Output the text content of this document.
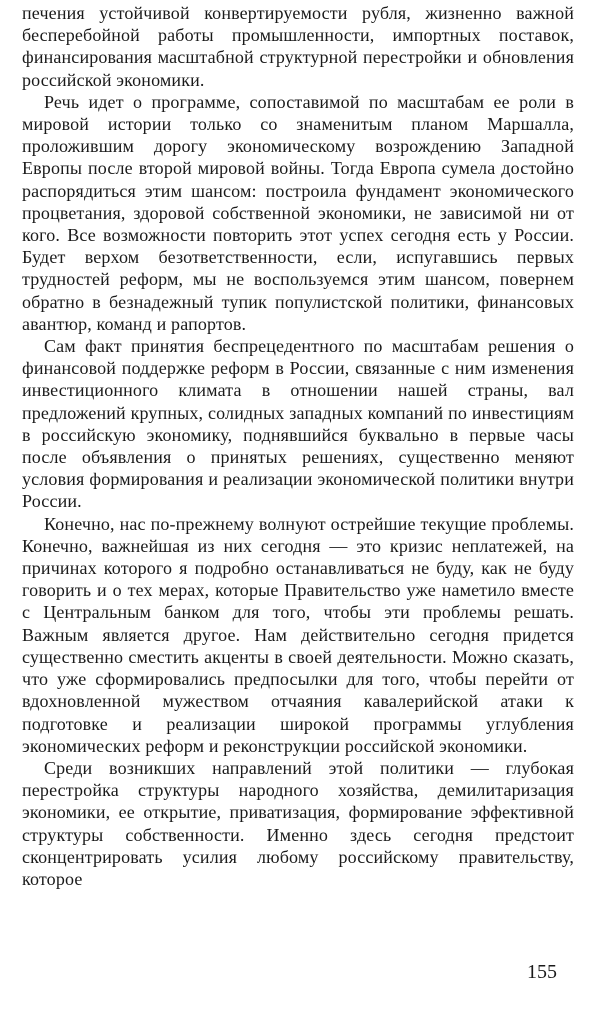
печения устойчивой конвертируемости рубля, жизненно важной бесперебойной работы промышленности, импортных поставок, финансирования масштабной структурной перестройки и обновления российской экономики.

Речь идет о программе, сопоставимой по масштабам ее роли в мировой истории только со знаменитым планом Маршалла, проложившим дорогу экономическому возрождению Западной Европы после второй мировой войны. Тогда Европа сумела достойно распорядиться этим шансом: построила фундамент экономического процветания, здоровой собственной экономики, не зависимой ни от кого. Все возможности повторить этот успех сегодня есть у России. Будет верхом безответственности, если, испугавшись первых трудностей реформ, мы не воспользуемся этим шансом, повернем обратно в безнадежный тупик популистской политики, финансовых авантюр, команд и рапортов.

Сам факт принятия беспрецедентного по масштабам решения о финансовой поддержке реформ в России, связанные с ним изменения инвестиционного климата в отношении нашей страны, вал предложений крупных, солидных западных компаний по инвестициям в российскую экономику, поднявшийся буквально в первые часы после объявления о принятых решениях, существенно меняют условия формирования и реализации экономической политики внутри России.

Конечно, нас по-прежнему волнуют острейшие текущие проблемы. Конечно, важнейшая из них сегодня — это кризис неплатежей, на причинах которого я подробно останавливаться не буду, как не буду говорить и о тех мерах, которые Правительство уже наметило вместе с Центральным банком для того, чтобы эти проблемы решать. Важным является другое. Нам действительно сегодня придется существенно сместить акценты в своей деятельности. Можно сказать, что уже сформировались предпосылки для того, чтобы перейти от вдохновленной мужеством отчаяния кавалерийской атаки к подготовке и реализации широкой программы углубления экономических реформ и реконструкции российской экономики.

Среди возникших направлений этой политики — глубокая перестройка структуры народного хозяйства, демилитаризация экономики, ее открытие, приватизация, формирование эффективной структуры собственности. Именно здесь сегодня предстоит сконцентрировать усилия любому российскому правительству, которое

155
